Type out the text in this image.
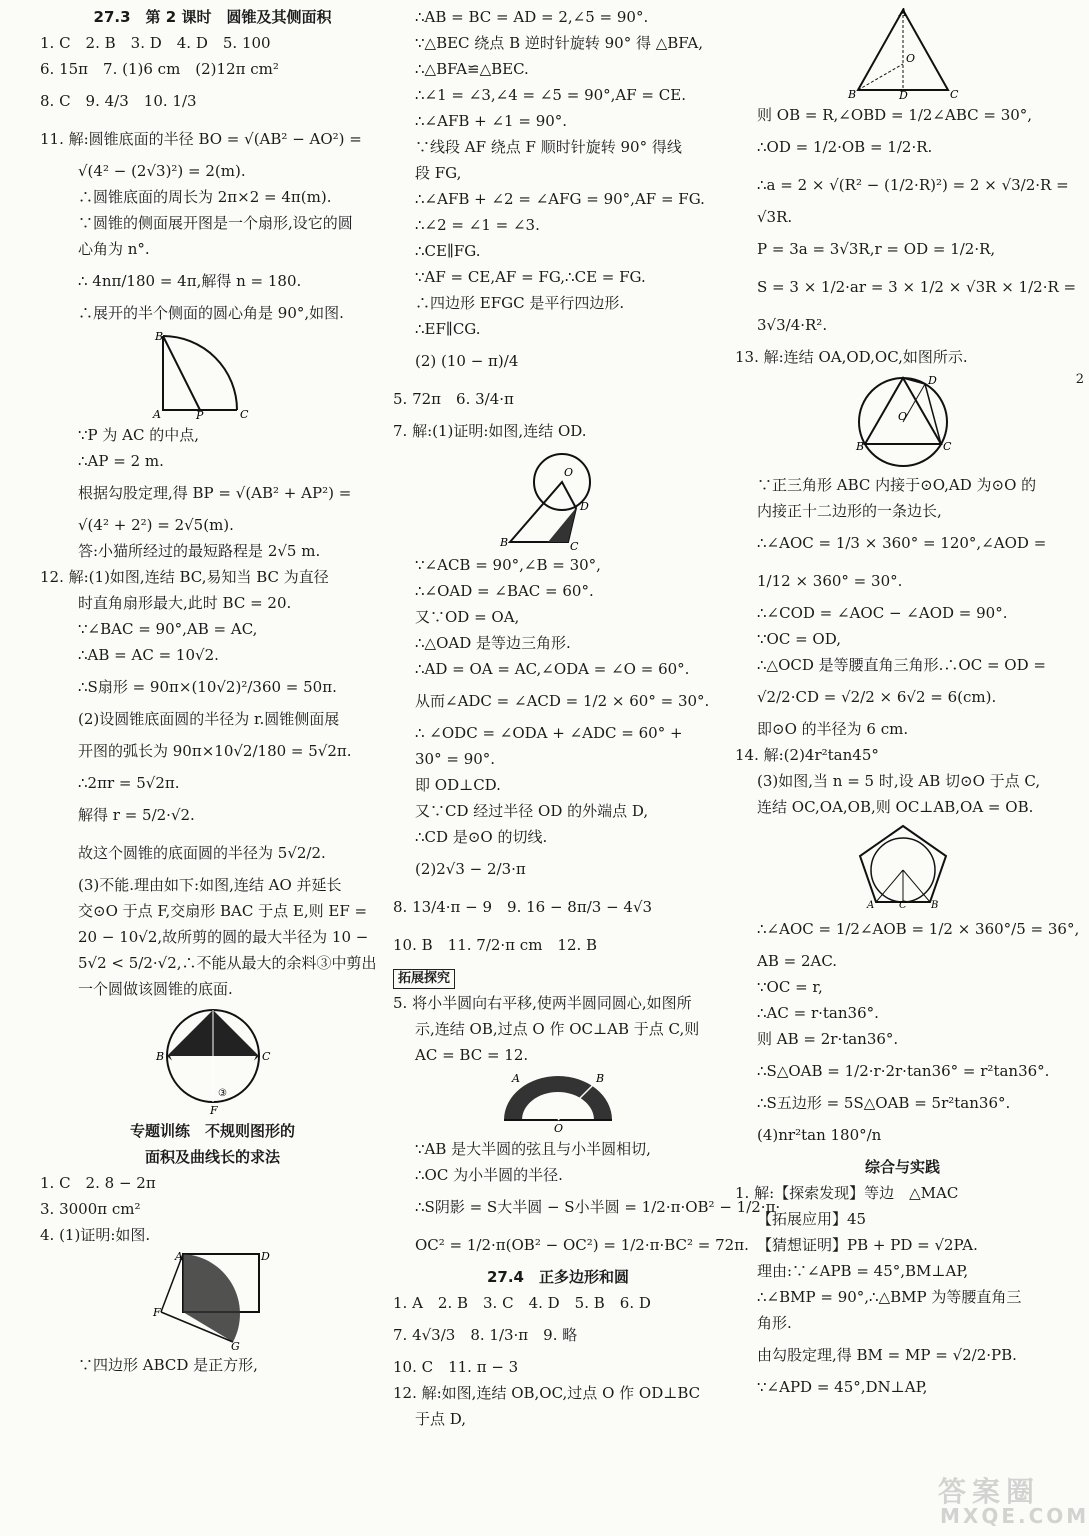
27.3　第 2 课时　圆锥及其侧面积
1. C　2. B　3. D　4. D　5. 100
6. 15π　7. (1)6 cm　(2)12π cm²
8. C　9. 4/3　10. 1/3
11. 解:圆锥底面的半径 BO = √(AB² − AO²) =
√(4² − (2√3)²) = 2(m).
∴圆锥底面的周长为 2π×2 = 4π(m).
∵圆锥的侧面展开图是一个扇形,设它的圆
心角为 n°.
∴ 4nπ/180 = 4π,解得 n = 180.
∴展开的半个侧面的圆心角是 90°,如图.
B
A	P	C
∵P 为 AC 的中点,
∴AP = 2 m.
根据勾股定理,得 BP = √(AB² + AP²) =
√(4² + 2²) = 2√5(m).
答:小猫所经过的最短路程是 2√5 m.
12. 解:(1)如图,连结 BC,易知当 BC 为直径
时直角扇形最大,此时 BC = 20.
∵∠BAC = 90°,AB = AC,
∴AB = AC = 10√2.
∴S扇形 = 90π×(10√2)²/360 = 50π.
(2)设圆锥底面圆的半径为 r.圆锥侧面展
开图的弧长为 90π×10√2/180 = 5√2π.
∴2πr = 5√2π.
解得 r = 5/2·√2.
故这个圆锥的底面圆的半径为 5√2/2.
(3)不能.理由如下:如图,连结 AO 并延长
交⊙O 于点 F,交扇形 BAC 于点 E,则 EF =
20 − 10√2,故所剪的圆的最大半径为 10 −
5√2 < 5/2·√2,∴不能从最大的余料③中剪出
一个圆做该圆锥的底面.
B	C
F
③
专题训练　不规则图形的
面积及曲线长的求法
1. C　2. 8 − 2π
3. 3000π cm²
4. (1)证明:如图.
A	D
F
G
∵四边形 ABCD 是正方形,
∴AB = BC = AD = 2,∠5 = 90°.
∵△BEC 绕点 B 逆时针旋转 90° 得 △BFA,
∴△BFA≌△BEC.
∴∠1 = ∠3,∠4 = ∠5 = 90°,AF = CE.
∴∠AFB + ∠1 = 90°.
∵线段 AF 绕点 F 顺时针旋转 90° 得线
段 FG,
∴∠AFB + ∠2 = ∠AFG = 90°,AF = FG.
∴∠2 = ∠1 = ∠3.
∴CE∥FG.
∵AF = CE,AF = FG,∴CE = FG.
∴四边形 EFGC 是平行四边形.
∴EF∥CG.
(2) (10 − π)/4
5. 72π　6. 3/4·π
7. 解:(1)证明:如图,连结 OD.
O
D
B	C
∵∠ACB = 90°,∠B = 30°,
∴∠OAD = ∠BAC = 60°.
又∵OD = OA,
∴△OAD 是等边三角形.
∴AD = OA = AC,∠ODA = ∠O = 60°.
从而∠ADC = ∠ACD = 1/2 × 60° = 30°.
∴ ∠ODC = ∠ODA + ∠ADC = 60° +
30° = 90°.
即 OD⊥CD.
又∵CD 经过半径 OD 的外端点 D,
∴CD 是⊙O 的切线.
(2)2√3 − 2/3·π
8. 13/4·π − 9　9. 16 − 8π/3 − 4√3
10. B　11. 7/2·π cm　12. B
拓展探究
5. 将小半圆向右平移,使两半圆同圆心,如图所
示,连结 OB,过点 O 作 OC⊥AB 于点 C,则
AC = BC = 12.
A	B
O
∵AB 是大半圆的弦且与小半圆相切,
∴OC 为小半圆的半径.
∴S阴影 = S大半圆 − S小半圆 = 1/2·π·OB² − 1/2·π·
OC² = 1/2·π(OB² − OC²) = 1/2·π·BC² = 72π.
27.4　正多边形和圆
1. A　2. B　3. C　4. D　5. B　6. D
7. 4√3/3　8. 1/3·π　9. 略
10. C　11. π − 3
12. 解:如图,连结 OB,OC,过点 O 作 OD⊥BC
于点 D,
A
O
B	D	C
则 OB = R,∠OBD = 1/2∠ABC = 30°,
∴OD = 1/2·OB = 1/2·R.
∴a = 2 × √(R² − (1/2·R)²) = 2 × √3/2·R =
√3R.
P = 3a = 3√3R,r = OD = 1/2·R,
S = 3 × 1/2·ar = 3 × 1/2 × √3R × 1/2·R =
3√3/4·R².
13. 解:连结 OA,OD,OC,如图所示.
O
D
B	C
∵正三角形 ABC 内接于⊙O,AD 为⊙O 的
内接正十二边形的一条边长,
∴∠AOC = 1/3 × 360° = 120°,∠AOD =
1/12 × 360° = 30°.
∴∠COD = ∠AOC − ∠AOD = 90°.
∵OC = OD,
∴△OCD 是等腰直角三角形.∴OC = OD =
√2/2·CD = √2/2 × 6√2 = 6(cm).
即⊙O 的半径为 6 cm.
14. 解:(2)4r²tan45°
(3)如图,当 n = 5 时,设 AB 切⊙O 于点 C,
连结 OC,OA,OB,则 OC⊥AB,OA = OB.
A C B
∴∠AOC = 1/2∠AOB = 1/2 × 360°/5 = 36°,
AB = 2AC.
∵OC = r,
∴AC = r·tan36°.
则 AB = 2r·tan36°.
∴S△OAB = 1/2·r·2r·tan36° = r²tan36°.
∴S五边形 = 5S△OAB = 5r²tan36°.
(4)nr²tan 180°/n
综合与实践
1. 解:【探索发现】等边　△MAC
【拓展应用】45
【猜想证明】PB + PD = √2PA.
理由:∵∠APB = 45°,BM⊥AP,
∴∠BMP = 90°,∴△BMP 为等腰直角三
角形.
由勾股定理,得 BM = MP = √2/2·PB.
∵∠APD = 45°,DN⊥AP,
2
答案圈
MXQE.COM
